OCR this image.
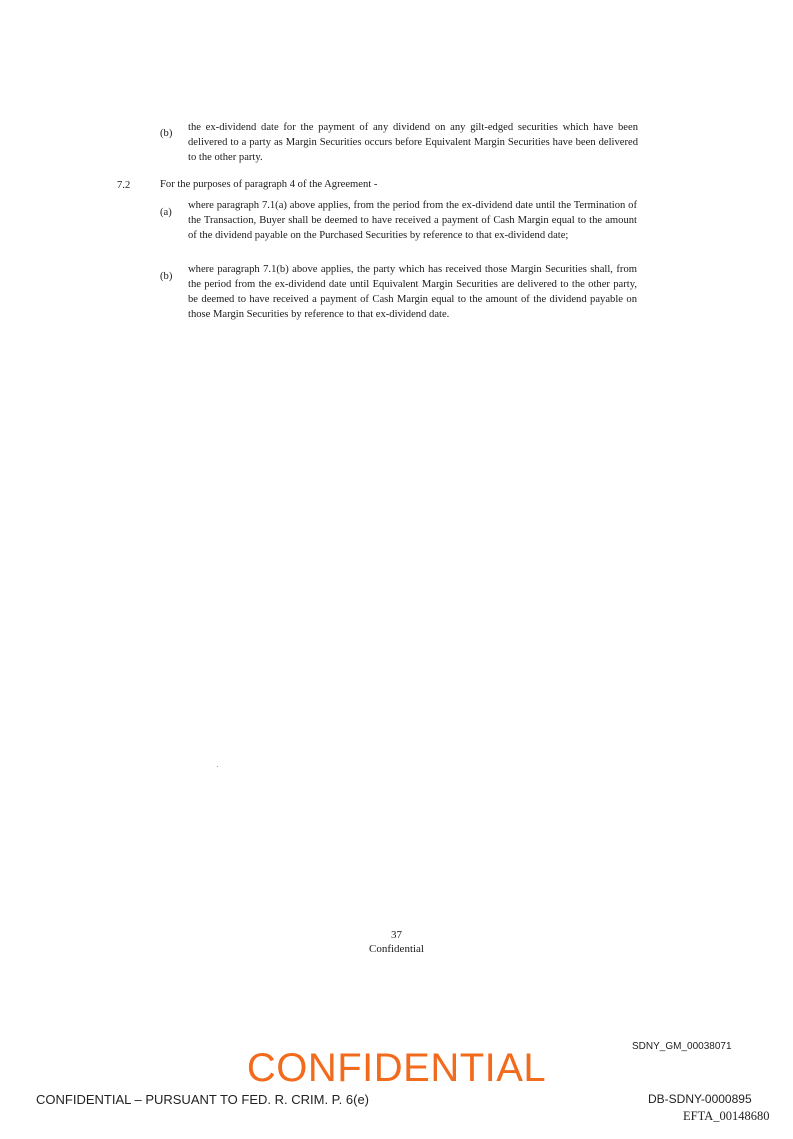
(b)
the ex-dividend date for the payment of any dividend on any gilt-edged securities which have been delivered to a party as Margin Securities occurs before Equivalent Margin Securities have been delivered to the other party.
7.2	For the purposes of paragraph 4 of the Agreement -
(a)
where paragraph 7.1(a) above applies, from the period from the ex-dividend date until the Termination of the Transaction, Buyer shall be deemed to have received a payment of Cash Margin equal to the amount of the dividend payable on the Purchased Securities by reference to that ex-dividend date;
(b)
where paragraph 7.1(b) above applies, the party which has received those Margin Securities shall, from the period from the ex-dividend date until Equivalent Margin Securities are delivered to the other party, be deemed to have received a payment of Cash Margin equal to the amount of the dividend payable on those Margin Securities by reference to that ex-dividend date.
37
Confidential
SDNY_GM_00038071
CONFIDENTIAL
CONFIDENTIAL – PURSUANT TO FED. R. CRIM. P. 6(e)	DB-SDNY-0000895
EFTA_00148680
